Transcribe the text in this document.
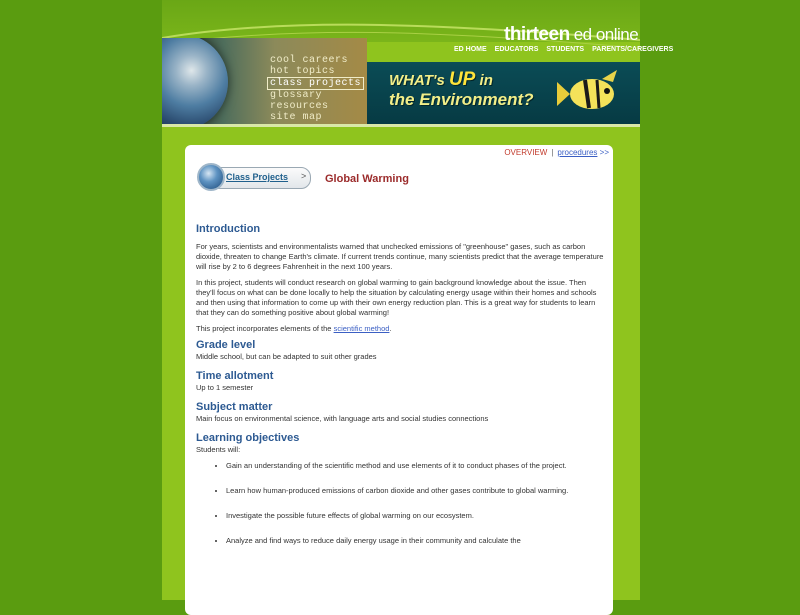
thirteen ed online
ED HOME EDUCATORS STUDENTS PARENTS/CAREGIVERS
cool careers
hot topics
class projects
glossary
resources
site map
WHAT's UP in
the Environment?
OVERVIEW | procedures >>
Class Projects > Global Warming
Introduction

For years, scientists and environmentalists warned that unchecked emissions of "greenhouse" gases, such as carbon dioxide, threaten to change Earth's climate. If current trends continue, many scientists predict that the average temperature will rise by 2 to 6 degrees Fahrenheit in the next 100 years.

In this project, students will conduct research on global warming to gain background knowledge about the issue. Then they'll focus on what can be done locally to help the situation by calculating energy usage within their homes and schools and then using that information to come up with their own energy reduction plan. This is a great way for students to learn that they can do something positive about global warming!

This project incorporates elements of the scientific method.

Grade level

Middle school, but can be adapted to suit other grades

Time allotment

Up to 1 semester

Subject matter

Main focus on environmental science, with language arts and social studies connections

Learning objectives

Students will:

• Gain an understanding of the scientific method and use elements of it to conduct phases of the project.
• Learn how human-produced emissions of carbon dioxide and other gases contribute to global warming.
• Investigate the possible future effects of global warming on our ecosystem.
• Analyze and find ways to reduce daily energy usage in their community and calculate the
